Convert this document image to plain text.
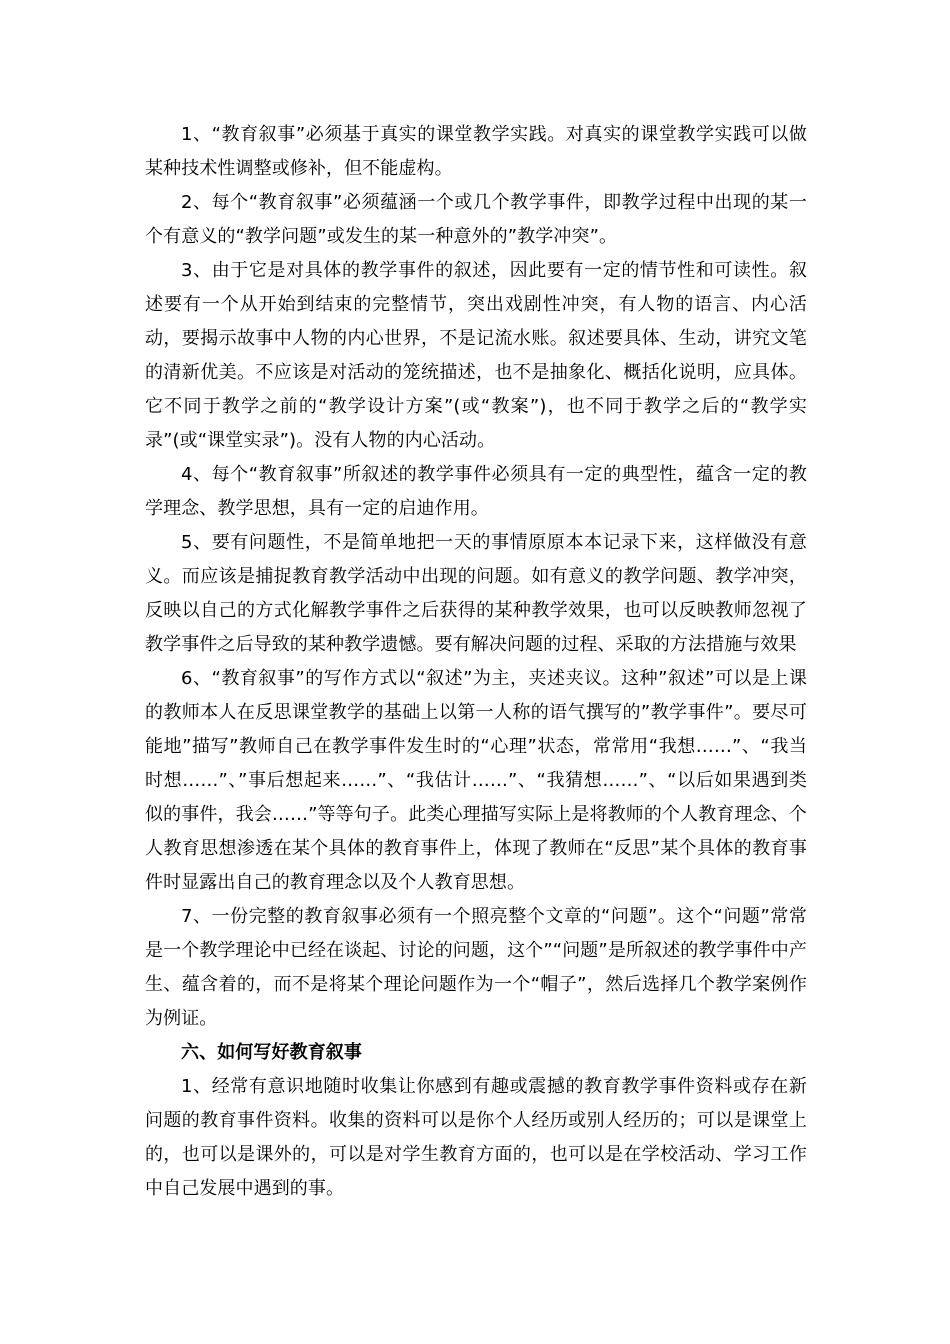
1、“教育叙事”必须基于真实的课堂教学实践。对真实的课堂教学实践可以做某种技术性调整或修补，但不能虚构。

2、每个“教育叙事”必须蕴涵一个或几个教学事件，即教学过程中出现的某一个有意义的“教学问题”或发生的某一种意外的”教学冲突”。

3、由于它是对具体的教学事件的叙述，因此要有一定的情节性和可读性。叙述要有一个从开始到结束的完整情节，突出戏剧性冲突，有人物的语言、内心活动，要揭示故事中人物的内心世界，不是记流水账。叙述要具体、生动，讲究文笔的清新优美。不应该是对活动的笼统描述，也不是抽象化、概括化说明，应具体。它不同于教学之前的“教学设计方案”(或“教案”)，也不同于教学之后的“教学实录”(或“课堂实录”)。没有人物的内心活动。

4、每个“教育叙事”所叙述的教学事件必须具有一定的典型性，蕴含一定的教学理念、教学思想，具有一定的启迪作用。

5、要有问题性，不是简单地把一天的事情原原本本记录下来，这样做没有意义。而应该是捕捉教育教学活动中出现的问题。如有意义的教学问题、教学冲突，反映以自己的方式化解教学事件之后获得的某种教学效果，也可以反映教师忽视了教学事件之后导致的某种教学遗憾。要有解决问题的过程、采取的方法措施与效果

6、“教育叙事”的写作方式以“叙述”为主，夹述夹议。这种”叙述”可以是上课的教师本人在反思课堂教学的基础上以第一人称的语气撰写的”教学事件”。要尽可能地”描写”教师自己在教学事件发生时的“心理”状态，常常用“我想……”、“我当时想……”、”事后想起来……”、“我估计……”、“我猜想……”、“以后如果遇到类似的事件，我会……”等等句子。此类心理描写实际上是将教师的个人教育理念、个人教育思想渗透在某个具体的教育事件上，体现了教师在“反思”某个具体的教育事件时显露出自己的教育理念以及个人教育思想。

7、一份完整的教育叙事必须有一个照亮整个文章的“问题”。这个“问题”常常是一个教学理论中已经在谈起、讨论的问题，这个”“问题”是所叙述的教学事件中产生、蕴含着的，而不是将某个理论问题作为一个“帽子”，然后选择几个教学案例作为例证。

六、如何写好教育叙事

1、经常有意识地随时收集让你感到有趣或震撼的教育教学事件资料或存在新问题的教育事件资料。收集的资料可以是你个人经历或别人经历的；可以是课堂上的，也可以是课外的，可以是对学生教育方面的，也可以是在学校活动、学习工作中自己发展中遇到的事。
